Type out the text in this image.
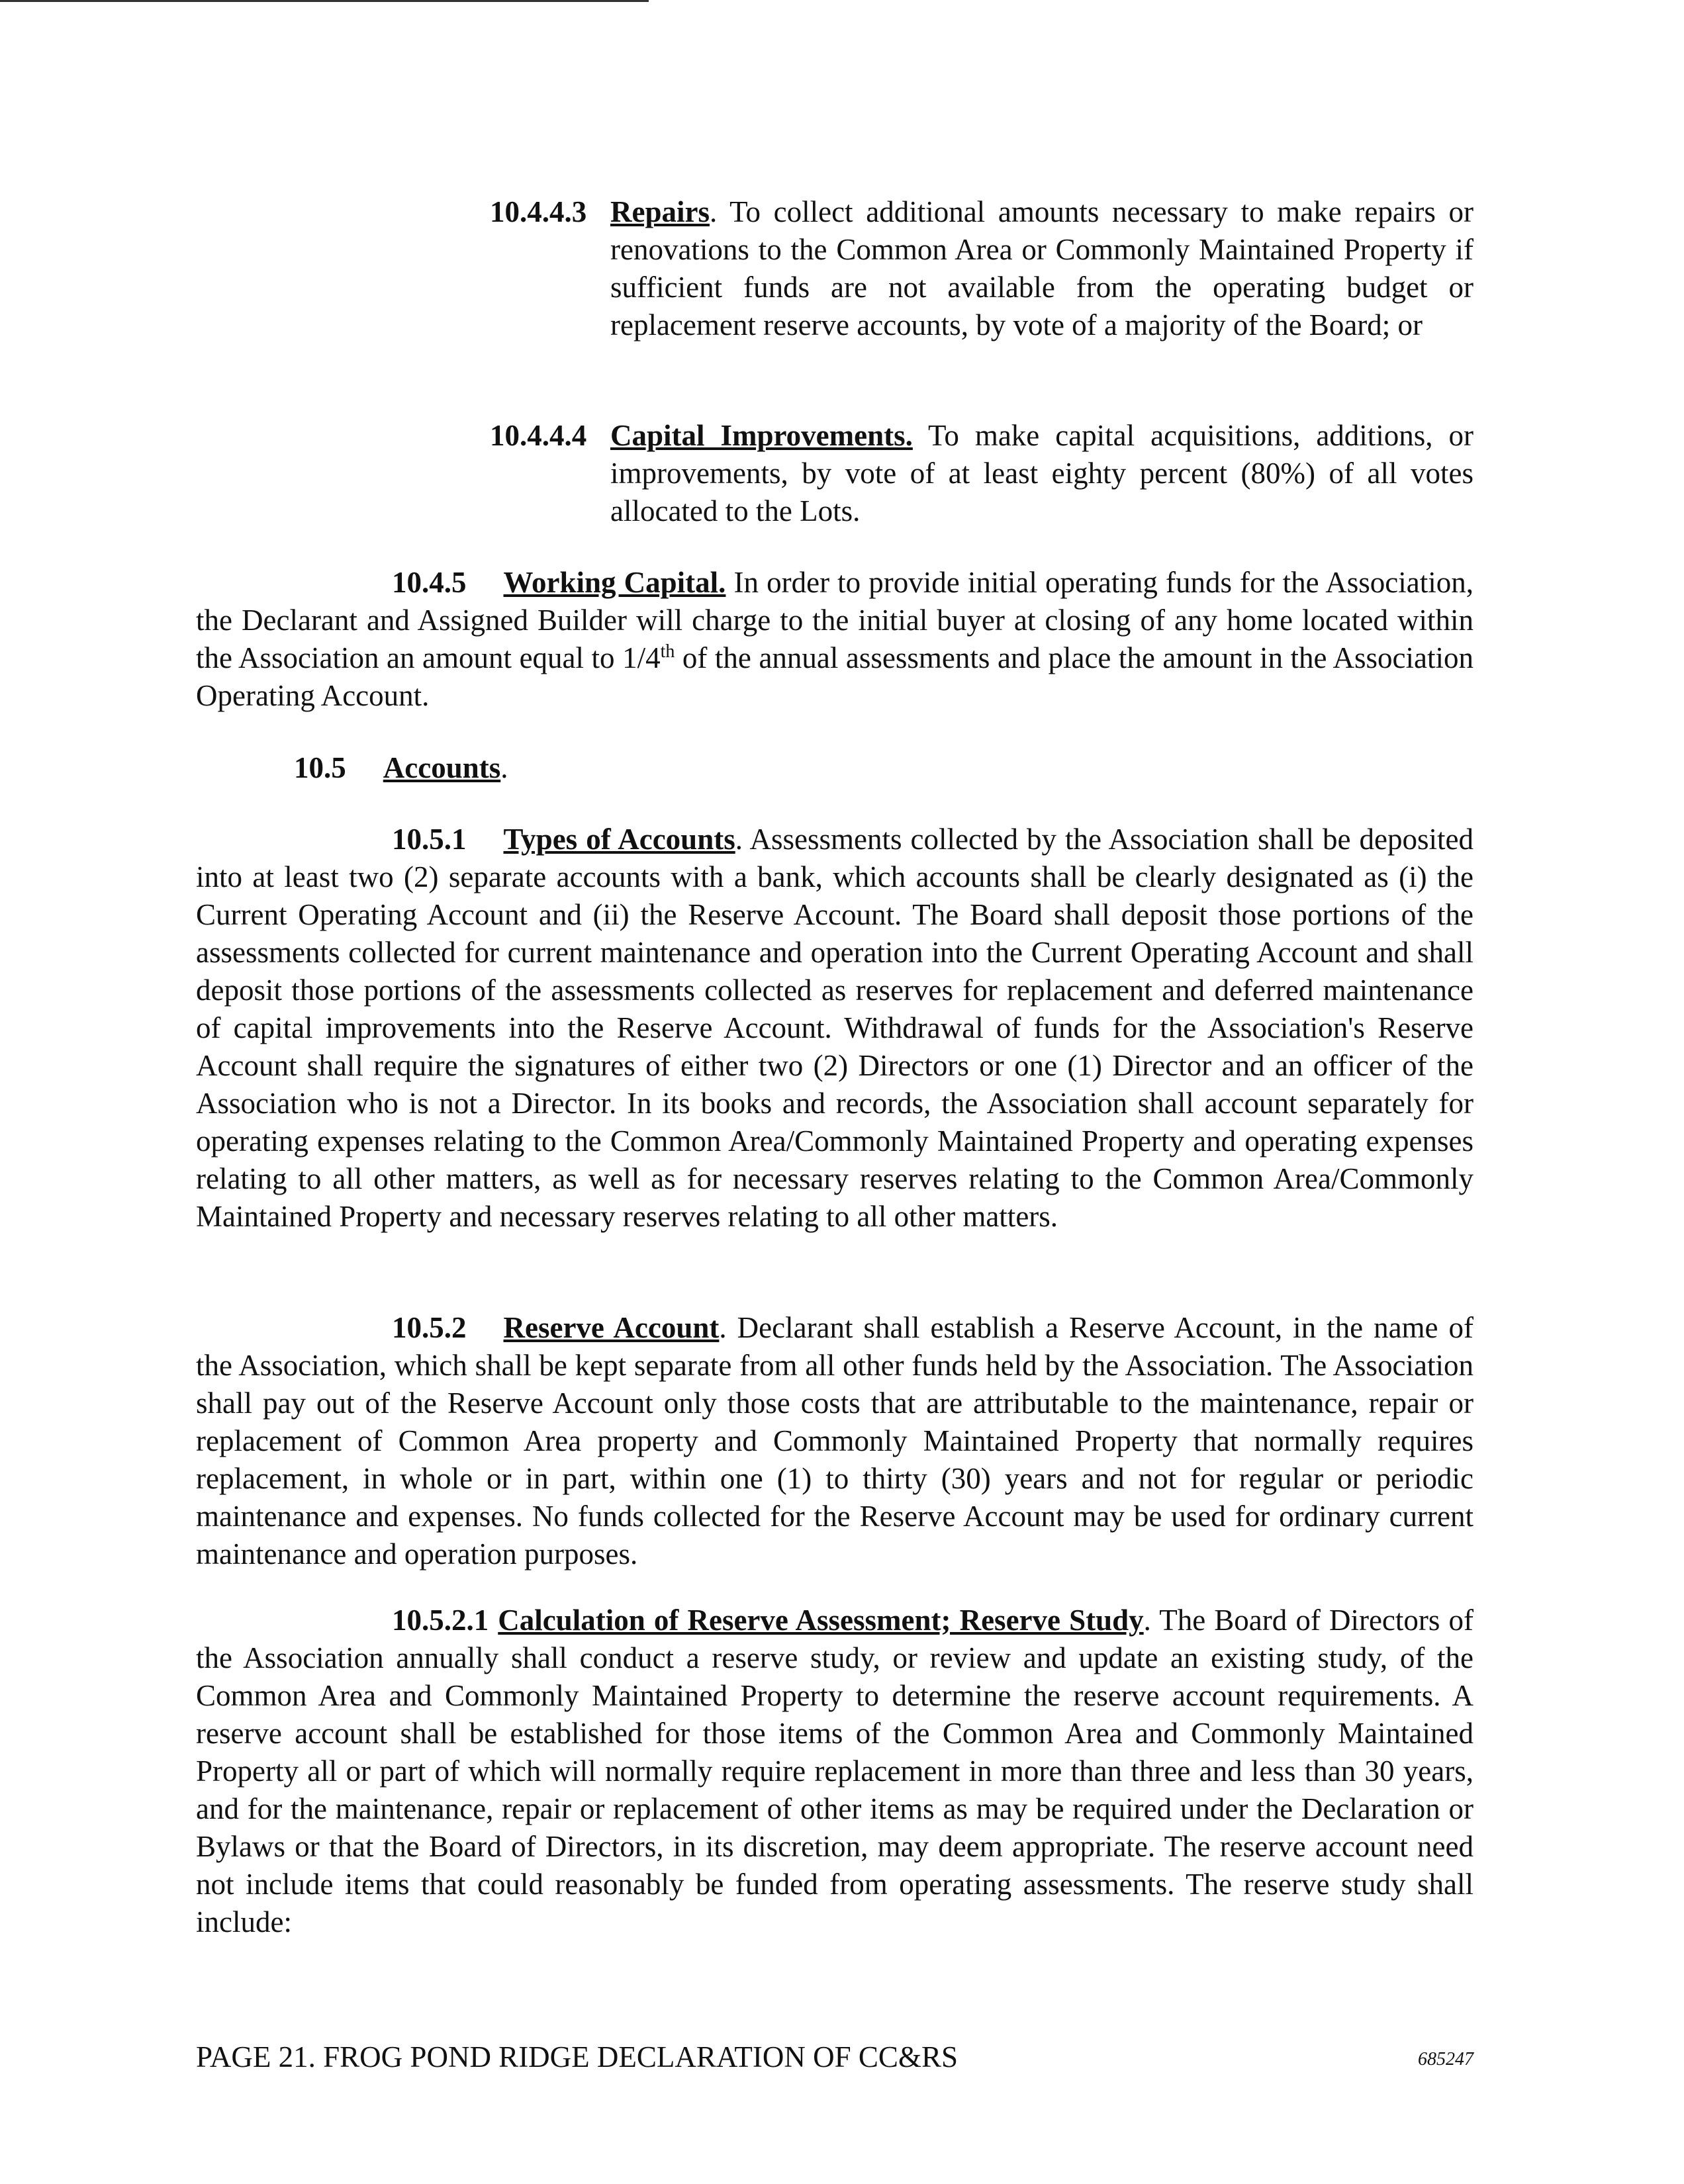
10.4.4.3 Repairs. To collect additional amounts necessary to make repairs or renovations to the Common Area or Commonly Maintained Property if sufficient funds are not available from the operating budget or replacement reserve accounts, by vote of a majority of the Board; or
10.4.4.4 Capital Improvements. To make capital acquisitions, additions, or improvements, by vote of at least eighty percent (80%) of all votes allocated to the Lots.
10.4.5 Working Capital. In order to provide initial operating funds for the Association, the Declarant and Assigned Builder will charge to the initial buyer at closing of any home located within the Association an amount equal to 1/4th of the annual assessments and place the amount in the Association Operating Account.
10.5 Accounts.
10.5.1 Types of Accounts. Assessments collected by the Association shall be deposited into at least two (2) separate accounts with a bank, which accounts shall be clearly designated as (i) the Current Operating Account and (ii) the Reserve Account. The Board shall deposit those portions of the assessments collected for current maintenance and operation into the Current Operating Account and shall deposit those portions of the assessments collected as reserves for replacement and deferred maintenance of capital improvements into the Reserve Account. Withdrawal of funds for the Association's Reserve Account shall require the signatures of either two (2) Directors or one (1) Director and an officer of the Association who is not a Director. In its books and records, the Association shall account separately for operating expenses relating to the Common Area/Commonly Maintained Property and operating expenses relating to all other matters, as well as for necessary reserves relating to the Common Area/Commonly Maintained Property and necessary reserves relating to all other matters.
10.5.2 Reserve Account. Declarant shall establish a Reserve Account, in the name of the Association, which shall be kept separate from all other funds held by the Association. The Association shall pay out of the Reserve Account only those costs that are attributable to the maintenance, repair or replacement of Common Area property and Commonly Maintained Property that normally requires replacement, in whole or in part, within one (1) to thirty (30) years and not for regular or periodic maintenance and expenses. No funds collected for the Reserve Account may be used for ordinary current maintenance and operation purposes.
10.5.2.1 Calculation of Reserve Assessment; Reserve Study. The Board of Directors of the Association annually shall conduct a reserve study, or review and update an existing study, of the Common Area and Commonly Maintained Property to determine the reserve account requirements. A reserve account shall be established for those items of the Common Area and Commonly Maintained Property all or part of which will normally require replacement in more than three and less than 30 years, and for the maintenance, repair or replacement of other items as may be required under the Declaration or Bylaws or that the Board of Directors, in its discretion, may deem appropriate. The reserve account need not include items that could reasonably be funded from operating assessments. The reserve study shall include:
PAGE 21. FROG POND RIDGE DECLARATION OF CC&RS	685247
